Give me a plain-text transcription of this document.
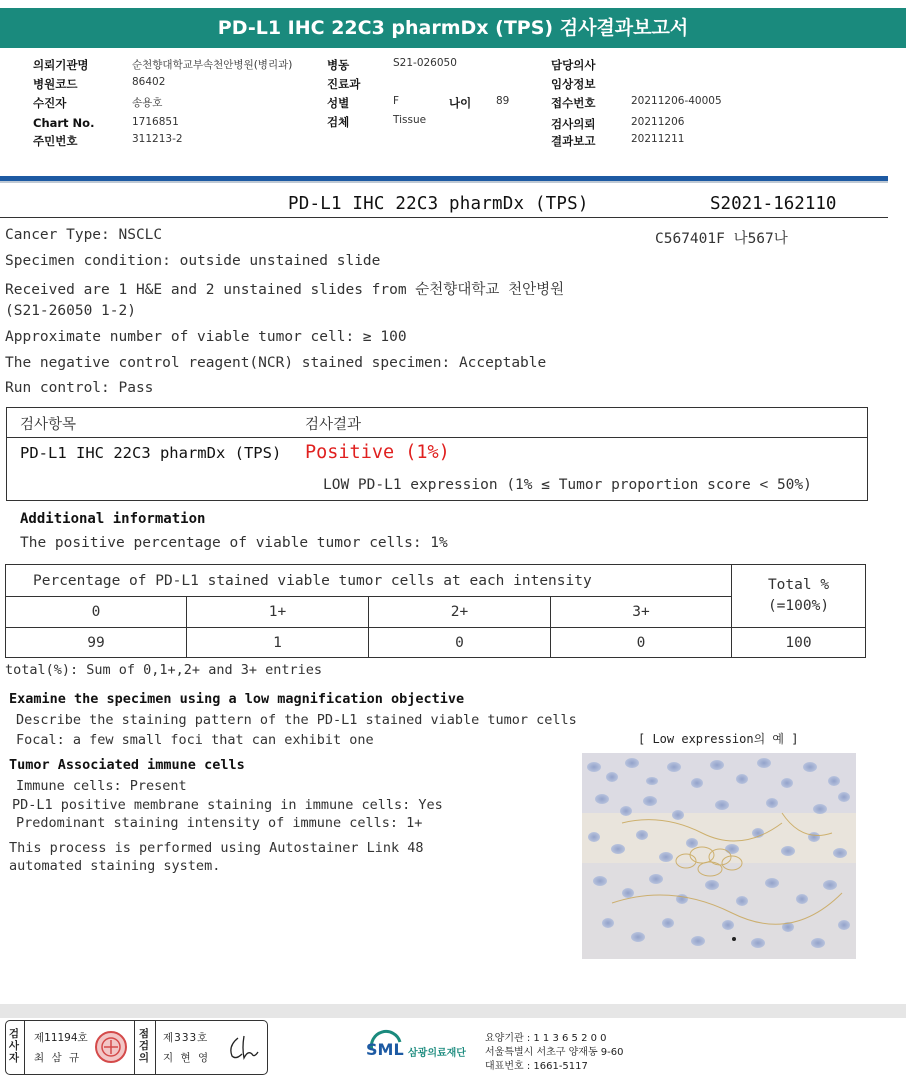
PD-L1 IHC 22C3 pharmDx (TPS) 검사결과보고서
의뢰기관명	순천향대학교부속천안병원(병리과)
병원코드	86402
수진자	송용호
Chart No.	1716851
주민번호	311213-2
병동	S21-026050
진료과
성별	F	나이 89
검체	Tissue
담당의사
임상정보
접수번호	20211206-40005
검사의뢰	20211206
결과보고	20211211
PD-L1 IHC 22C3 pharmDx (TPS)	S2021-162110
Cancer Type: NSCLC	C567401F 나567나
Specimen condition: outside unstained slide
Received are 1 H&E and 2 unstained slides from 순천향대학교 천안병원
(S21-26050 1-2)
Approximate number of viable tumor cell: ≥ 100
The negative control reagent(NCR) stained specimen: Acceptable
Run control: Pass
검사항목	검사결과
PD-L1 IHC 22C3 pharmDx (TPS) Positive (1%)
LOW PD-L1 expression (1% ≤ Tumor proportion score < 50%)
Additional information
The positive percentage of viable tumor cells: 1%
Percentage of PD-L1 stained viable tumor cells at each intensity				Total %
(=100%)
0	1+	2+	3+	
99	1	0	0	100
total(%): Sum of 0,1+,2+ and 3+ entries
Examine the specimen using a low magnification objective
Describe the staining pattern of the PD-L1 stained viable tumor cells
Focal: a few small foci that can exhibit one	[ Low expression의 예 ]
Tumor Associated immune cells
Immune cells: Present
PD-L1 positive membrane staining in immune cells: Yes
Predominant staining intensity of immune cells: 1+
This process is performed using Autostainer Link 48
automated staining system.
검
사
자
제11194호
최 삼 규
점
검
의
제333호
지 현 영	SML 삼광의료재단
요양기관 : 1 1 3 6 5 2 0 0
서울특별시 서초구 양재동 9-60
대표번호 : 1661-5117
